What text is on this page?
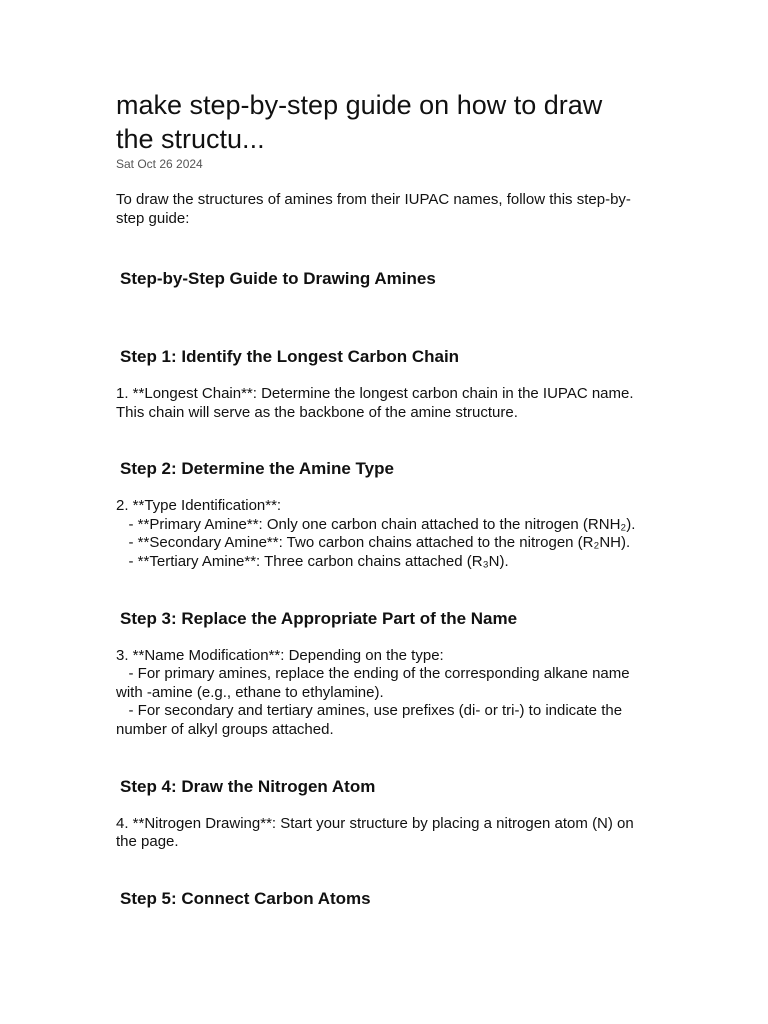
make step-by-step guide on how to draw the structu...
Sat Oct 26 2024

To draw the structures of amines from their IUPAC names, follow this step-by-step guide:

Step-by-Step Guide to Drawing Amines
Step 1: Identify the Longest Carbon Chain

1. **Longest Chain**: Determine the longest carbon chain in the IUPAC name. This chain will serve as the backbone of the amine structure.

Step 2: Determine the Amine Type

2. **Type Identification**:

- **Primary Amine**: Only one carbon chain attached to the nitrogen (RNH₂).

- **Secondary Amine**: Two carbon chains attached to the nitrogen (R₂NH).

- **Tertiary Amine**: Three carbon chains attached (R₃N).

Step 3: Replace the Appropriate Part of the Name

3. **Name Modification**: Depending on the type:

- For primary amines, replace the ending of the corresponding alkane name with -amine (e.g., ethane to ethylamine).

- For secondary and tertiary amines, use prefixes (di- or tri-) to indicate the number of alkyl groups attached.

Step 4: Draw the Nitrogen Atom

4. **Nitrogen Drawing**: Start your structure by placing a nitrogen atom (N) on the page.

Step 5: Connect Carbon Atoms
